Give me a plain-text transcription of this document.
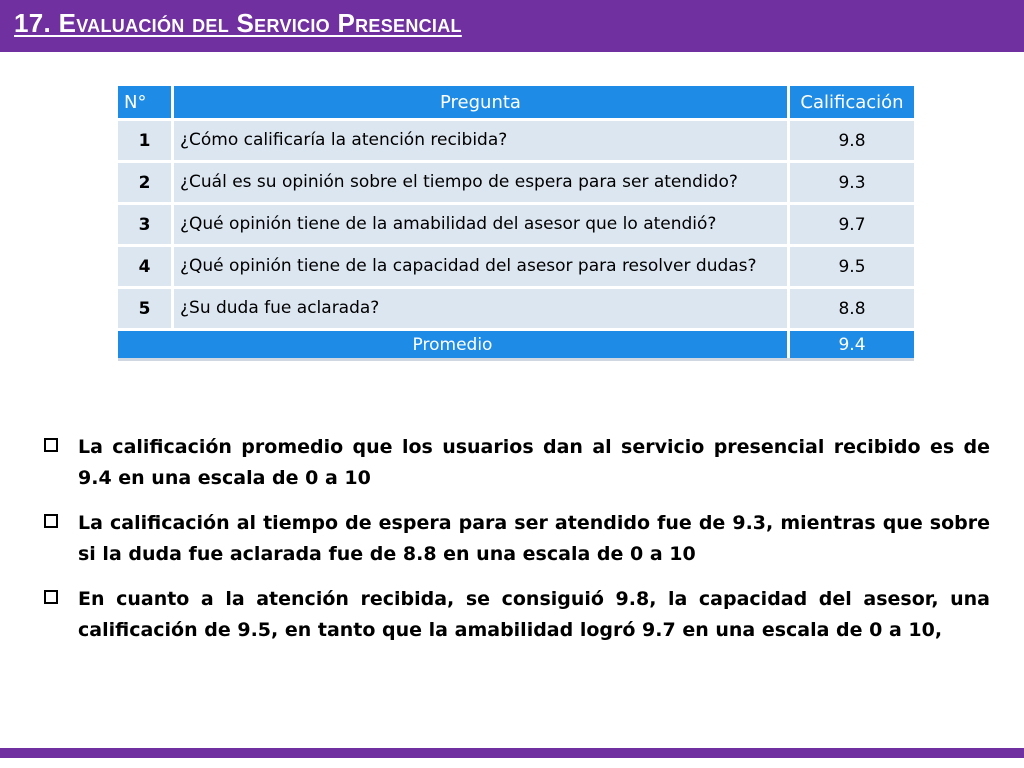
17. Evaluación del Servicio Presencial
N°	Pregunta	Calificación
1	¿Cómo calificaría la atención recibida?	9.8
2	¿Cuál es su opinión sobre el tiempo de espera para ser atendido?	9.3
3	¿Qué opinión tiene de la amabilidad del asesor que lo atendió?	9.7
4	¿Qué opinión tiene de la capacidad del asesor para resolver dudas?	9.5
5	¿Su duda fue aclarada?	8.8
Promedio		9.4
La calificación promedio que los usuarios dan al servicio presencial recibido es de 9.4 en una escala de 0 a 10
La calificación al tiempo de espera para ser atendido fue de 9.3, mientras que sobre si la duda fue aclarada fue de 8.8 en una escala de 0 a 10
En cuanto a la atención recibida, se consiguió 9.8, la capacidad del asesor, una calificación de 9.5, en tanto que la amabilidad logró 9.7 en una escala de 0 a 10,
